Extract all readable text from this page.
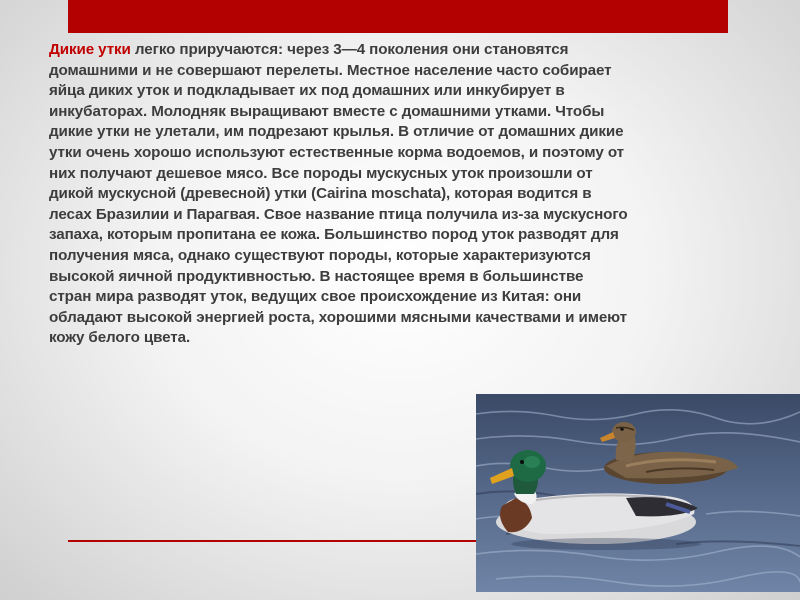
Дикие утки легко приручаются: через 3—4 поколения они становятся домашними и не совершают перелеты. Местное население часто собирает яйца диких уток и подкладывает их под домашних или инкубирует в инкубаторах. Молодняк выращивают вместе с домашними утками. Чтобы дикие утки не улетали, им подрезают крылья. В отличие от домашних дикие утки очень хорошо используют естественные корма водоемов, и поэтому от них получают дешевое мясо. Все породы мускусных уток произошли от дикой мускусной (древесной) утки (Cairina moschata), которая водится в лесах Бразилии и Парагвая. Свое название птица получила из-за мускусного запаха, которым пропитана ее кожа. Большинство пород уток разводят для получения мяса, однако существуют породы, которые характеризуются высокой яичной продуктивностью. В настоящее время в большинстве стран мира разводят уток, ведущих свое происхождение из Китая: они обладают высокой энергией роста, хорошими мясными качествами и имеют кожу белого цвета.
